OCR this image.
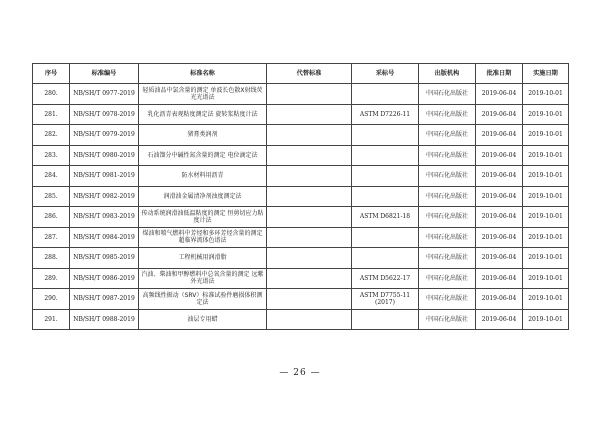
序号	标准编号	标准名称	代替标准	采标号	出版机构	批准日期	实施日期
280.	NB/SH/T 0977-2019	轻质油品中氯含量的测定 单波长色散X射线荧光光谱法			中国石化出版社	2019-06-04	2019-10-01
281.	NB/SH/T 0978-2019	乳化沥青表观粘度测定法 旋转浆粘度计法		ASTM D7226-11	中国石化出版社	2019-06-04	2019-10-01
282.	NB/SH/T 0979-2019	猪膏类润剂			中国石化出版社	2019-06-04	2019-10-01
283.	NB/SH/T 0980-2019	石油馏分中碱性氮含量的测定 电位滴定法			中国石化出版社	2019-06-04	2019-10-01
284.	NB/SH/T 0981-2019	防水材料用沥青			中国石化出版社	2019-06-04	2019-10-01
285.	NB/SH/T 0982-2019	润滑油金属清净剂浊度测定法			中国石化出版社	2019-06-04	2019-10-01
286.	NB/SH/T 0983-2019	传动系统润滑油低温粘度的测定 恒剪切应力粘度计法		ASTM D6821-18	中国石化出版社	2019-06-04	2019-10-01
287.	NB/SH/T 0984-2019	煤油和喷气燃料中芳烃和多环芳烃含量的测定 超临界流体色谱法			中国石化出版社	2019-06-04	2019-10-01
288.	NB/SH/T 0985-2019	工程机械用润滑脂			中国石化出版社	2019-06-04	2019-10-01
289.	NB/SH/T 0986-2019	汽油、柴油和甲醇燃料中总氧含量的测定 远紫外光谱法		ASTM D5622-17	中国石化出版社	2019-06-04	2019-10-01
290.	NB/SH/T 0987-2019	高频线性振动（SRV）标准试验件磨损体积测定法		ASTM D7755-11 (2017)	中国石化出版社	2019-06-04	2019-10-01
291.	NB/SH/T 0988-2019	油层专用蜡			中国石化出版社	2019-06-04	2019-10-01
— 26 —
